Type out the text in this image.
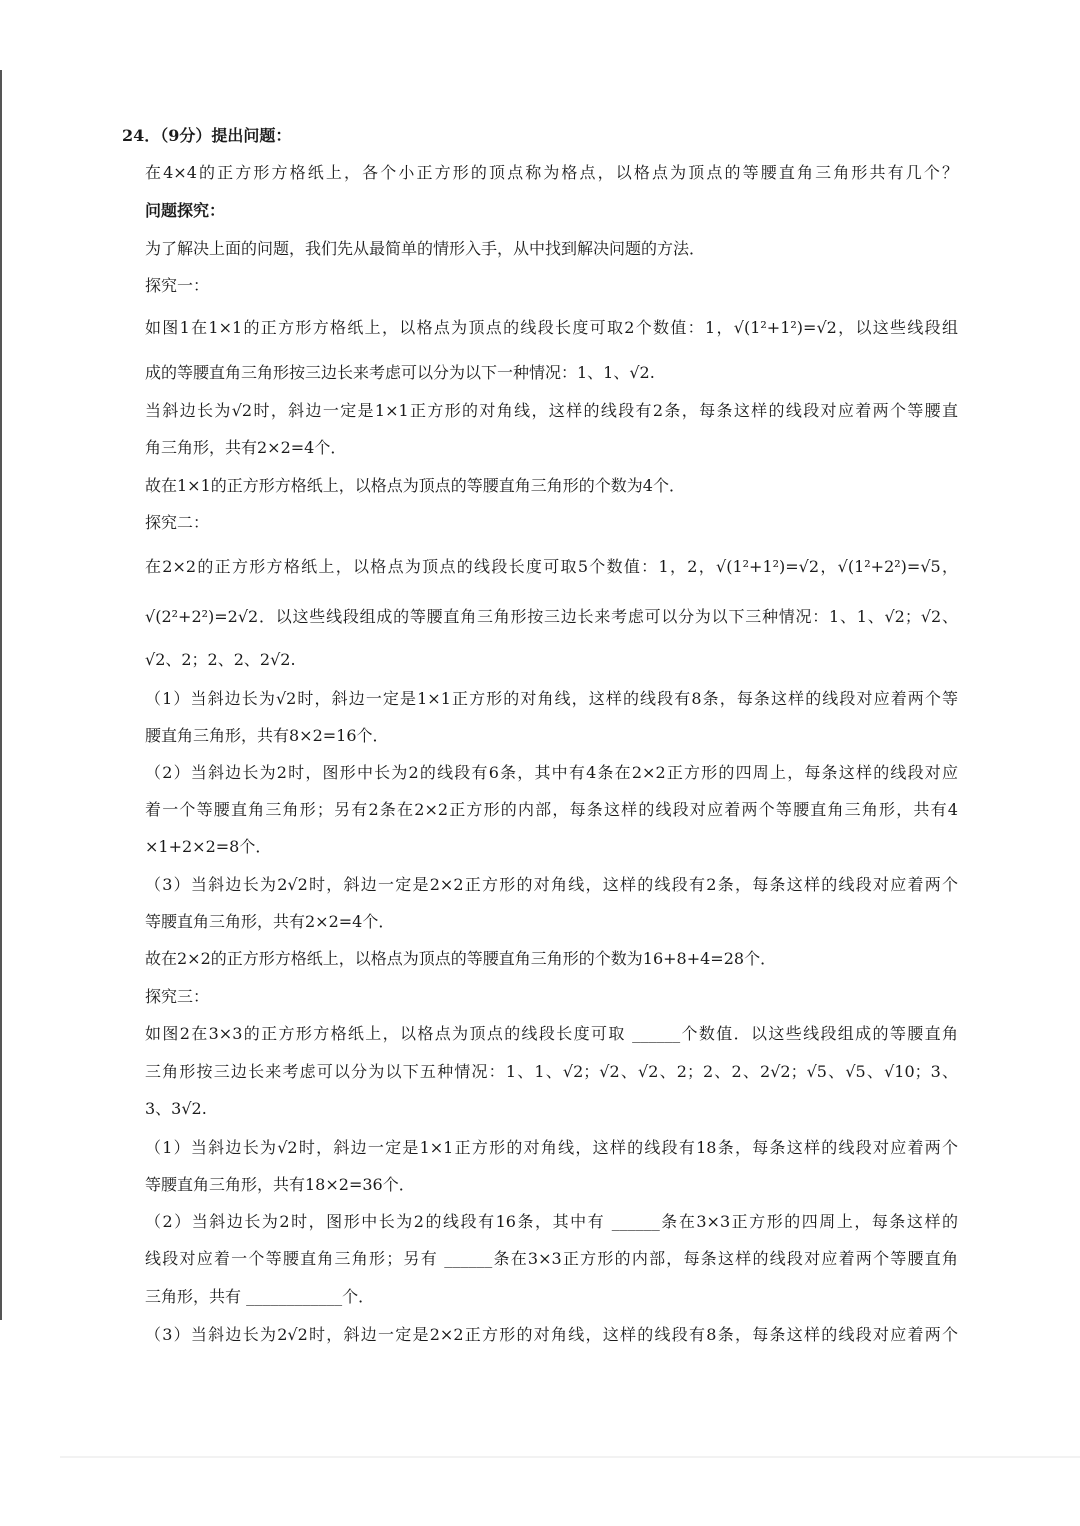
24．（9分）提出问题：
在4×4的正方形方格纸上，各个小正方形的顶点称为格点，以格点为顶点的等腰直角三角形共有几个？
问题探究：
为了解决上面的问题，我们先从最简单的情形入手，从中找到解决问题的方法．
探究一：
如图1在1×1的正方形方格纸上，以格点为顶点的线段长度可取2个数值：1，√(1²+1²)=√2，以这些线段组
成的等腰直角三角形按三边长来考虑可以分为以下一种情况：1、1、√2.
当斜边长为√2时，斜边一定是1×1正方形的对角线，这样的线段有2条，每条这样的线段对应着两个等腰直
角三角形，共有2×2=4个．
故在1×1的正方形方格纸上，以格点为顶点的等腰直角三角形的个数为4个．
探究二：
在2×2的正方形方格纸上，以格点为顶点的线段长度可取5个数值：1，2，√(1²+1²)=√2，√(1²+2²)=√5，
√(2²+2²)=2√2．以这些线段组成的等腰直角三角形按三边长来考虑可以分为以下三种情况：1、1、√2；√2、
√2、2；2、2、2√2.
（1）当斜边长为√2时，斜边一定是1×1正方形的对角线，这样的线段有8条，每条这样的线段对应着两个等
腰直角三角形，共有8×2=16个．
（2）当斜边长为2时，图形中长为2的线段有6条，其中有4条在2×2正方形的四周上，每条这样的线段对应
着一个等腰直角三角形；另有2条在2×2正方形的内部，每条这样的线段对应着两个等腰直角三角形，共有4
×1+2×2=8个．
（3）当斜边长为2√2时，斜边一定是2×2正方形的对角线，这样的线段有2条，每条这样的线段对应着两个
等腰直角三角形，共有2×2=4个．
故在2×2的正方形方格纸上，以格点为顶点的等腰直角三角形的个数为16+8+4=28个．
探究三：
如图2在3×3的正方形方格纸上，以格点为顶点的线段长度可取 ______个数值．以这些线段组成的等腰直角
三角形按三边长来考虑可以分为以下五种情况：1、1、√2；√2、√2、2；2、2、2√2；√5、√5、√10；3、
3、3√2.
（1）当斜边长为√2时，斜边一定是1×1正方形的对角线，这样的线段有18条，每条这样的线段对应着两个
等腰直角三角形，共有18×2=36个．
（2）当斜边长为2时，图形中长为2的线段有16条，其中有 ______条在3×3正方形的四周上，每条这样的
线段对应着一个等腰直角三角形；另有 ______条在3×3正方形的内部，每条这样的线段对应着两个等腰直角
三角形，共有 ____________个．
（3）当斜边长为2√2时，斜边一定是2×2正方形的对角线，这样的线段有8条，每条这样的线段对应着两个
